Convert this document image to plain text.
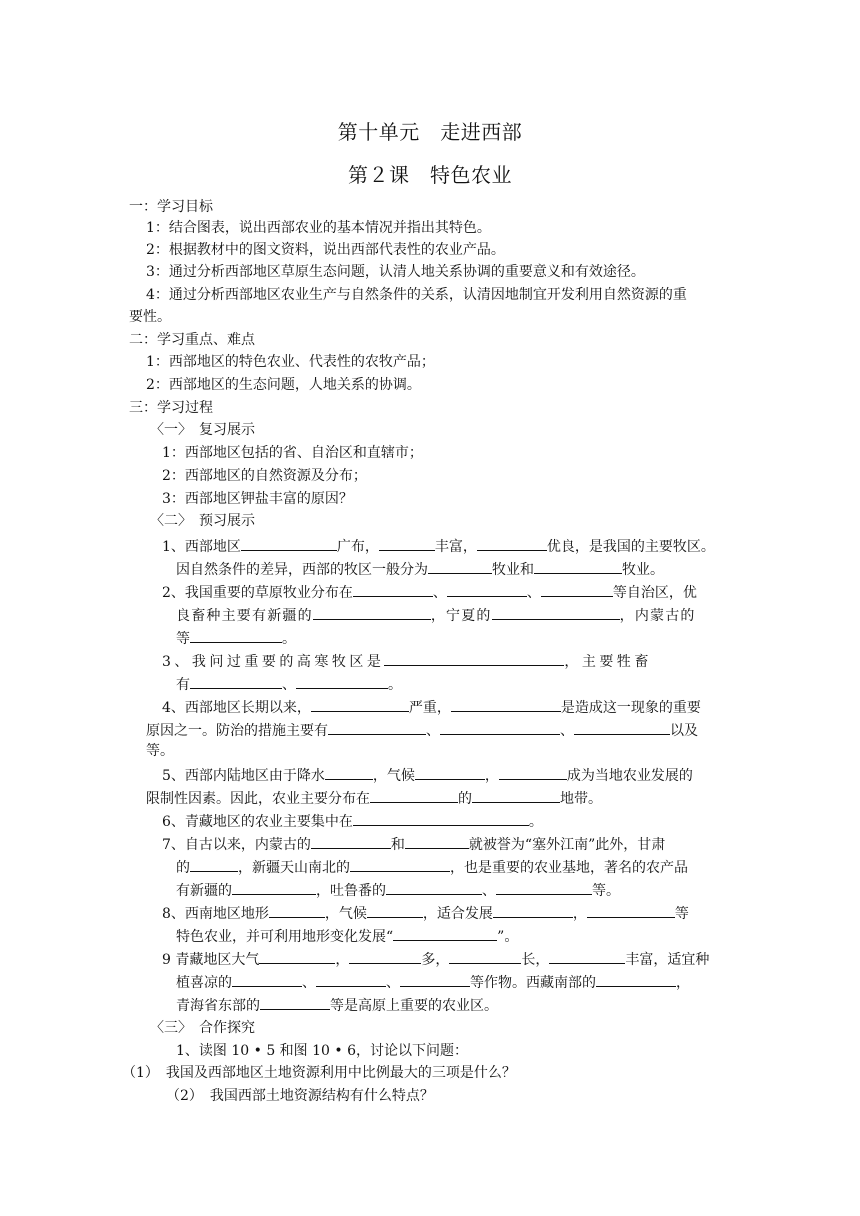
第十单元　走进西部
第２课　特色农业
一：学习目标
1：结合图表，说出西部农业的基本情况并指出其特色。
2：根据教材中的图文资料，说出西部代表性的农业产品。
3：通过分析西部地区草原生态问题，认清人地关系协调的重要意义和有效途径。
4：通过分析西部地区农业生产与自然条件的关系，认清因地制宜开发利用自然资源的重
要性。
二：学习重点、难点
1：西部地区的特色农业、代表性的农牧产品；
2：西部地区的生态问题，人地关系的协调。
三：学习过程
〈一〉　复习展示
1：西部地区包括的省、自治区和直辖市；
2：西部地区的自然资源及分布；
3：西部地区钾盐丰富的原因？
〈二〉　预习展示
1、西部地区	广布，	丰富，	优良，是我国的主要牧区。
因自然条件的差异，西部的牧区一般分为	牧业和	牧业。
2、我国重要的草原牧业分布在	、	、	等自治区，优
良畜种主要有新疆的	，宁夏的	，内蒙古的
等	。
3、我问过重要的高寒牧区是	，主要牲畜
有	、	。
4、西部地区长期以来，	严重，	是造成这一现象的重要
原因之一。防治的措施主要有	、	、	以及
等。
5、西部内陆地区由于降水	，气候	，	成为当地农业发展的
限制性因素。因此，农业主要分布在	的	地带。
6、青藏地区的农业主要集中在	。
7、自古以来，内蒙古的	和	就被誉为“塞外江南”此外，甘肃
的	，新疆天山南北的	，也是重要的农业基地，著名的农产品
有新疆的	，吐鲁番的	、	等。
8、西南地区地形	，气候	，适合发展	，	等
特色农业，并可利用地形变化发展“	”。
9 青藏地区大气	，	多，	长，	丰富，适宜种
植喜凉的	、	、	等作物。西藏南部的	，
青海省东部的	等是高原上重要的农业区。
〈三〉　合作探究
1、读图 10 • 5 和图 10 • 6，讨论以下问题：
（1）　我国及西部地区土地资源利用中比例最大的三项是什么？
（2）　我国西部土地资源结构有什么特点？
